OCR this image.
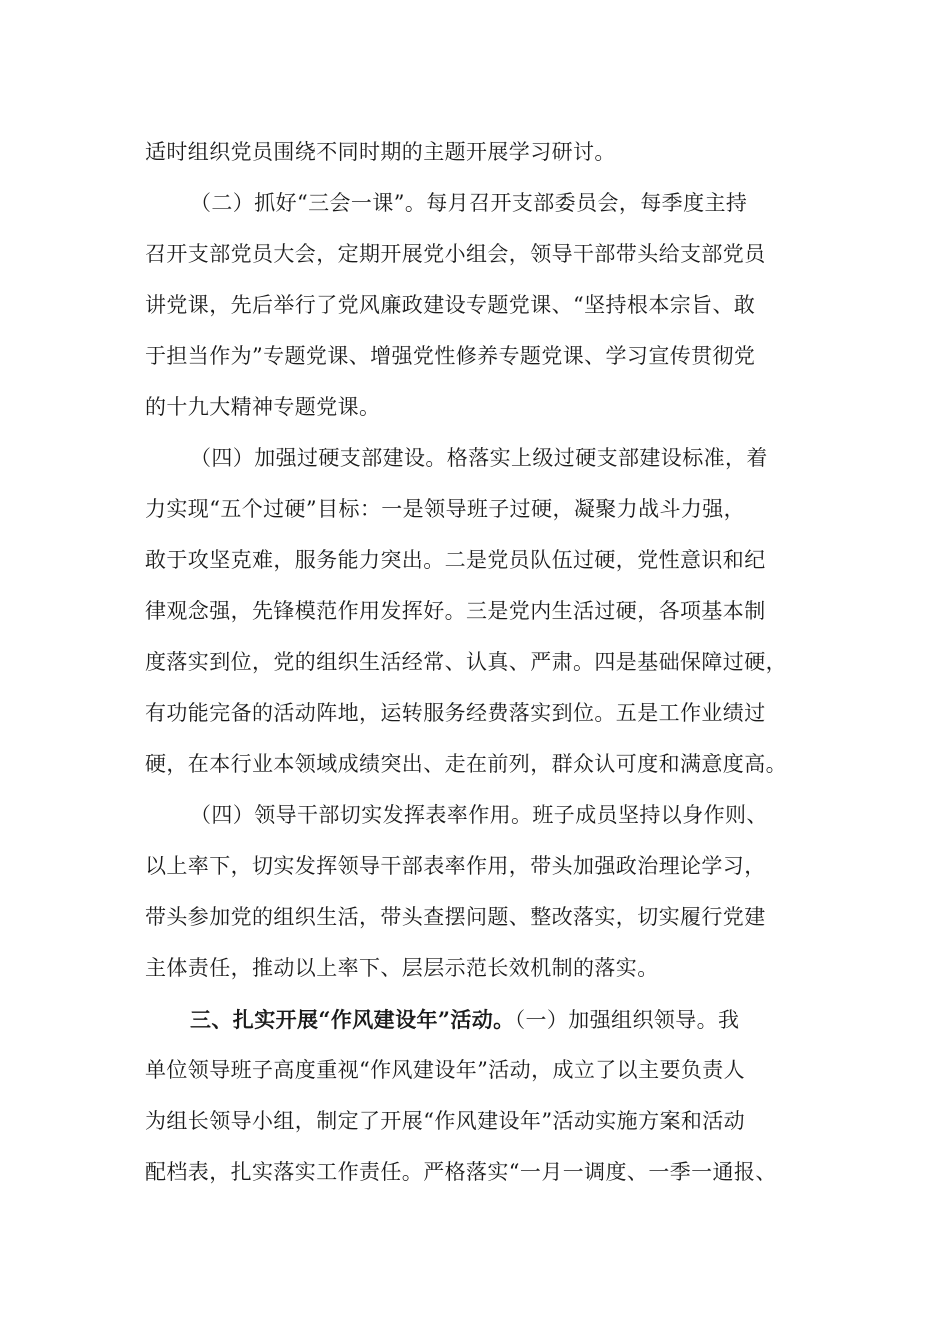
适时组织党员围绕不同时期的主题开展学习研讨。
（二）抓好“三会一课”。每月召开支部委员会，每季度主持
召开支部党员大会，定期开展党小组会，领导干部带头给支部党员
讲党课，先后举行了党风廉政建设专题党课、“坚持根本宗旨、敢
于担当作为”专题党课、增强党性修养专题党课、学习宣传贯彻党
的十九大精神专题党课。
（四）加强过硬支部建设。格落实上级过硬支部建设标准，着
力实现“五个过硬”目标：一是领导班子过硬，凝聚力战斗力强，
敢于攻坚克难，服务能力突出。二是党员队伍过硬，党性意识和纪
律观念强，先锋模范作用发挥好。三是党内生活过硬，各项基本制
度落实到位，党的组织生活经常、认真、严肃。四是基础保障过硬，
有功能完备的活动阵地，运转服务经费落实到位。五是工作业绩过
硬，在本行业本领域成绩突出、走在前列，群众认可度和满意度高。
（四）领导干部切实发挥表率作用。班子成员坚持以身作则、
以上率下，切实发挥领导干部表率作用，带头加强政治理论学习，
带头参加党的组织生活，带头查摆问题、整改落实，切实履行党建
主体责任，推动以上率下、层层示范长效机制的落实。
三、扎实开展“作风建设年”活动。（一）加强组织领导。我
单位领导班子高度重视“作风建设年”活动，成立了以主要负责人
为组长领导小组，制定了开展“作风建设年”活动实施方案和活动
配档表，扎实落实工作责任。严格落实“一月一调度、一季一通报、
